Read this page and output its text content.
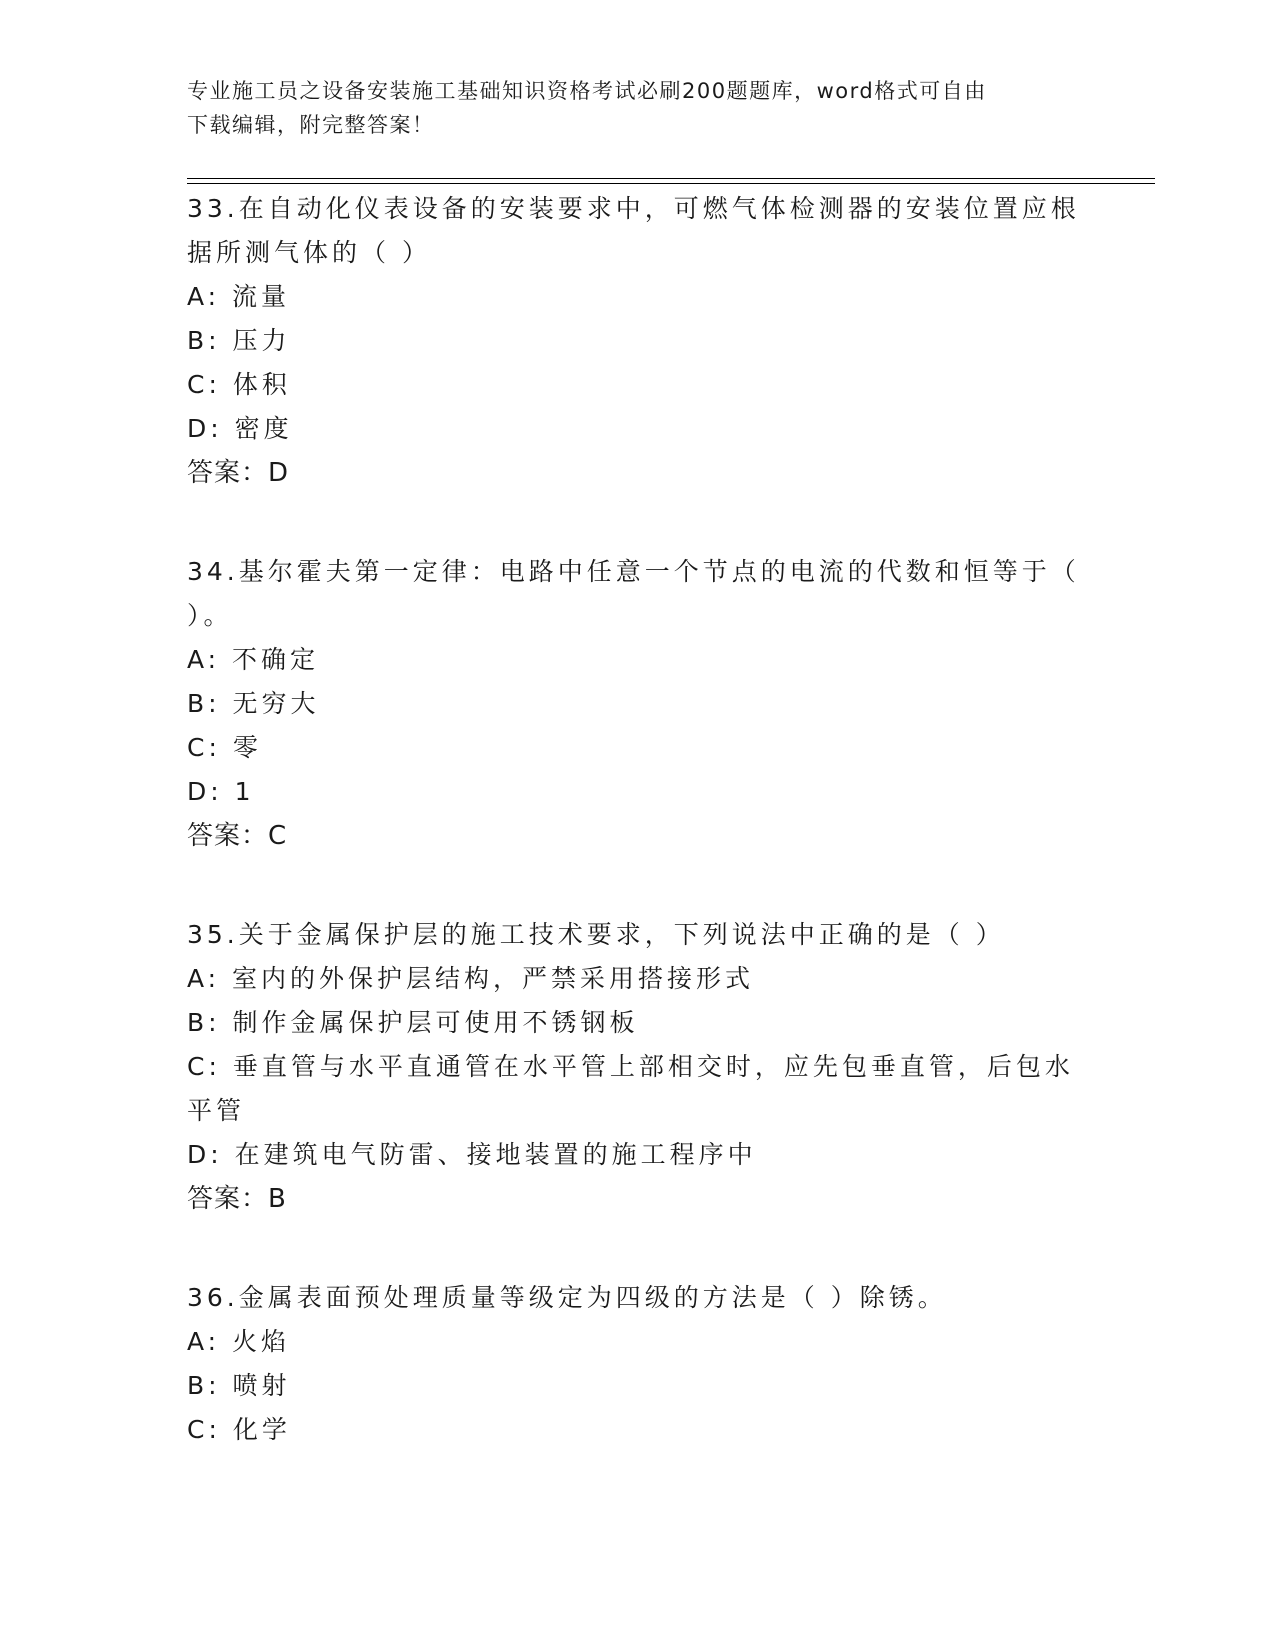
专业施工员之设备安装施工基础知识资格考试必刷200题题库，word格式可自由
下载编辑，附完整答案！

33.在自动化仪表设备的安装要求中，可燃气体检测器的安装位置应根

据所测气体的（ ）

A: 流量

B: 压力

C: 体积

D: 密度

答案：D

34.基尔霍夫第一定律：电路中任意一个节点的电流的代数和恒等于（

）。

A: 不确定

B: 无穷大

C: 零

D: 1

答案：C

35.关于金属保护层的施工技术要求，下列说法中正确的是（ ）

A: 室内的外保护层结构，严禁采用搭接形式

B: 制作金属保护层可使用不锈钢板

C: 垂直管与水平直通管在水平管上部相交时，应先包垂直管，后包水

平管

D: 在建筑电气防雷、接地装置的施工程序中

答案：B

36.金属表面预处理质量等级定为四级的方法是（ ）除锈。

A: 火焰

B: 喷射

C: 化学
